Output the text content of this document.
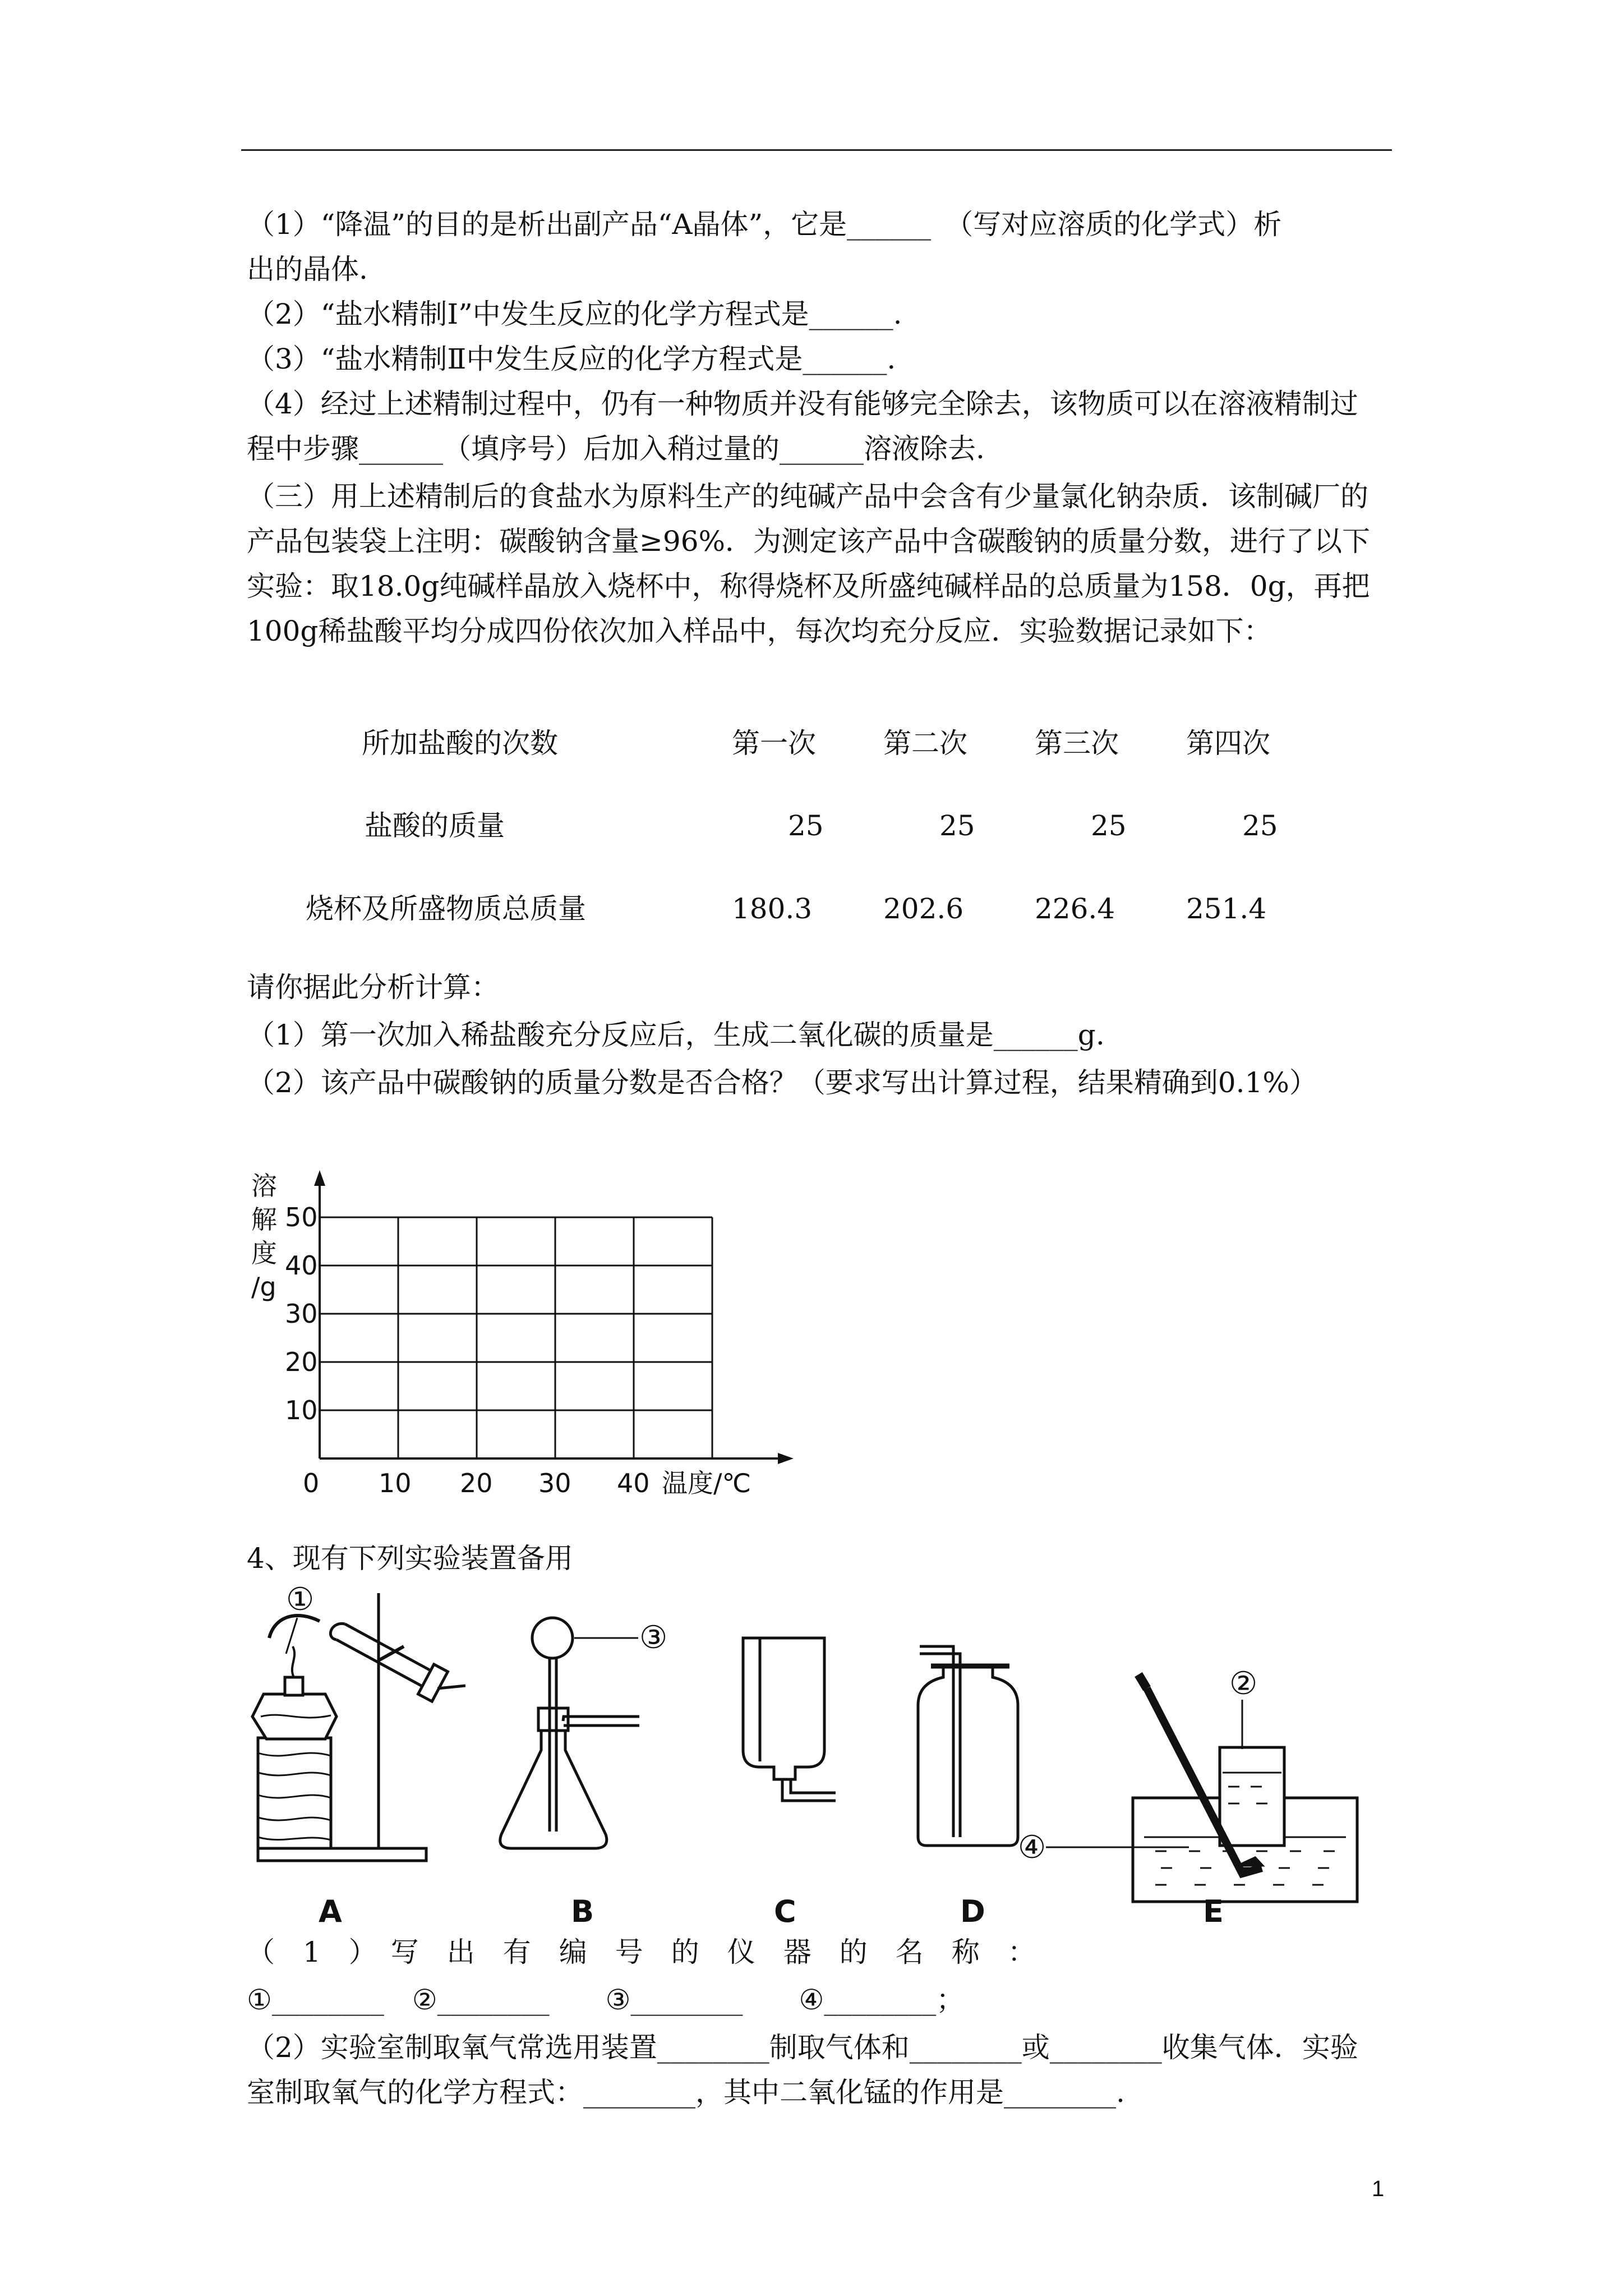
（1）“降温”的目的是析出副产品“A晶体”，它是______　（写对应溶质的化学式）析
出的晶体.
（2）“盐水精制Ⅰ”中发生反应的化学方程式是______.
（3）“盐水精制Ⅱ中发生反应的化学方程式是______.
（4）经过上述精制过程中，仍有一种物质并没有能够完全除去，该物质可以在溶液精制过
程中步骤______（填序号）后加入稍过量的______溶液除去.
（三）用上述精制后的食盐水为原料生产的纯碱产品中会含有少量氯化钠杂质．该制碱厂的
产品包装袋上注明：碳酸钠含量≥96%．为测定该产品中含碳酸钠的质量分数，进行了以下
实验：取18.0g纯碱样晶放入烧杯中，称得烧杯及所盛纯碱样品的总质量为158．0g，再把
100g稀盐酸平均分成四份依次加入样品中，每次均充分反应．实验数据记录如下：
所加盐酸的次数	第一次 第二次 第三次 第四次
盐酸的质量	25	25	25	25
烧杯及所盛物质总质量	180.3	202.6	226.4	251.4
请你据此分析计算：
（1）第一次加入稀盐酸充分反应后，生成二氧化碳的质量是______g.
（2）该产品中碳酸钠的质量分数是否合格？（要求写出计算过程，结果精确到0.1%）
溶
解
度
/g
50
40
30
20
10
0 10 20 30 40 温度/℃
4、现有下列实验装置备用
①
②
③
④
A	B	C	D	E
（　1　）　写　出　有　编　号　的　仪　器　的　名　称　：
①________　②________　　③________　　④________；
（2）实验室制取氧气常选用装置________制取气体和________或________收集气体．实验
室制取氧气的化学方程式：________，其中二氧化锰的作用是________.
1
